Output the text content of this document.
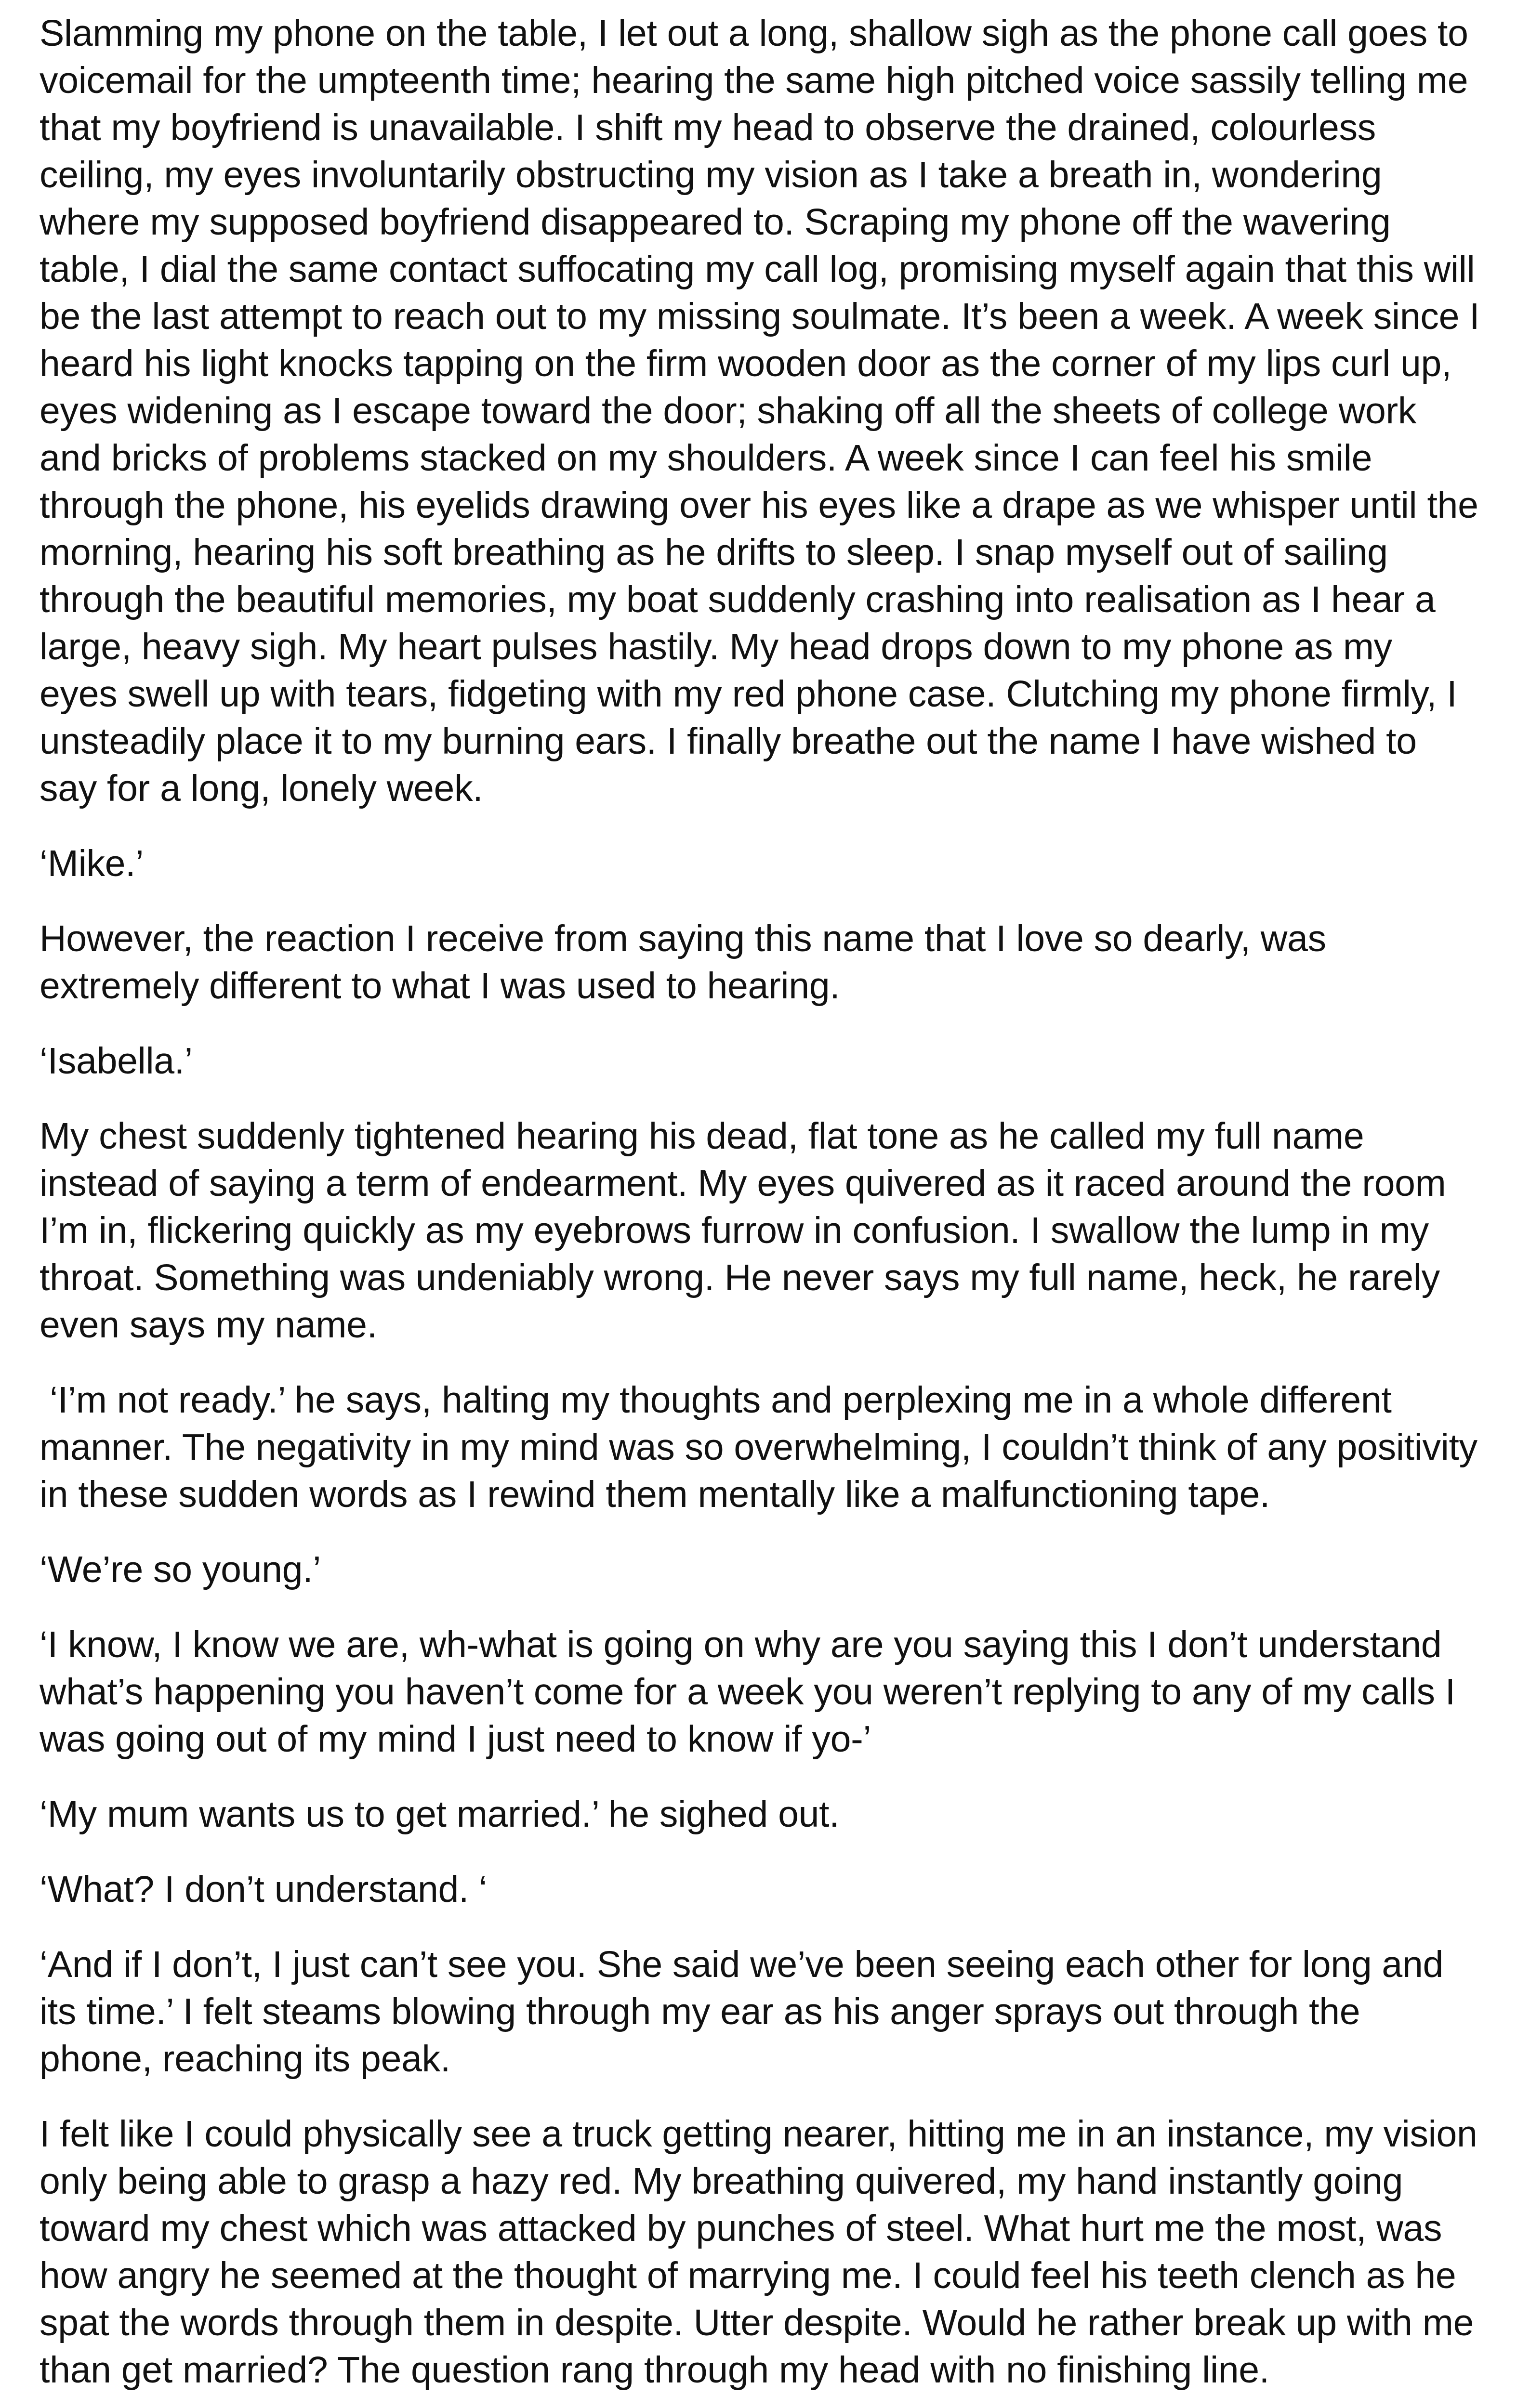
Slamming my phone on the table, I let out a long, shallow sigh as the phone call goes to voicemail for the umpteenth time; hearing the same high pitched voice sassily telling me that my boyfriend is unavailable. I shift my head to observe the drained, colourless ceiling, my eyes involuntarily obstructing my vision as I take a breath in, wondering where my supposed boyfriend disappeared to. Scraping my phone off the wavering table, I dial the same contact suffocating my call log, promising myself again that this will be the last attempt to reach out to my missing soulmate. It’s been a week. A week since I heard his light knocks tapping on the firm wooden door as the corner of my lips curl up, eyes widening as I escape toward the door; shaking off all the sheets of college work and bricks of problems stacked on my shoulders. A week since I can feel his smile through the phone, his eyelids drawing over his eyes like a drape as we whisper until the morning, hearing his soft breathing as he drifts to sleep. I snap myself out of sailing through the beautiful memories, my boat suddenly crashing into realisation as I hear a large, heavy sigh. My heart pulses hastily. My head drops down to my phone as my eyes swell up with tears, fidgeting with my red phone case. Clutching my phone firmly, I unsteadily place it to my burning ears. I finally breathe out the name I have wished to say for a long, lonely week.

‘Mike.’

However, the reaction I receive from saying this name that I love so dearly, was extremely different to what I was used to hearing.

‘Isabella.’

My chest suddenly tightened hearing his dead, flat tone as he called my full name instead of saying a term of endearment. My eyes quivered as it raced around the room I’m in, flickering quickly as my eyebrows furrow in confusion. I swallow the lump in my throat. Something was undeniably wrong. He never says my full name, heck, he rarely even says my name.

‘I’m not ready.’ he says, halting my thoughts and perplexing me in a whole different manner. The negativity in my mind was so overwhelming, I couldn’t think of any positivity in these sudden words as I rewind them mentally like a malfunctioning tape.

‘We’re so young.’

‘I know, I know we are, wh-what is going on why are you saying this I don’t understand what’s happening you haven’t come for a week you weren’t replying to any of my calls I was going out of my mind I just need to know if yo-’

‘My mum wants us to get married.’ he sighed out.

‘What? I don’t understand. ‘

‘And if I don’t, I just can’t see you. She said we’ve been seeing each other for long and its time.’ I felt steams blowing through my ear as his anger sprays out through the phone, reaching its peak.

I felt like I could physically see a truck getting nearer, hitting me in an instance, my vision only being able to grasp a hazy red. My breathing quivered, my hand instantly going toward my chest which was attacked by punches of steel. What hurt me the most, was how angry he seemed at the thought of marrying me. I could feel his teeth clench as he spat the words through them in despite. Utter despite. Would he rather break up with me than get married? The question rang through my head with no finishing line.
